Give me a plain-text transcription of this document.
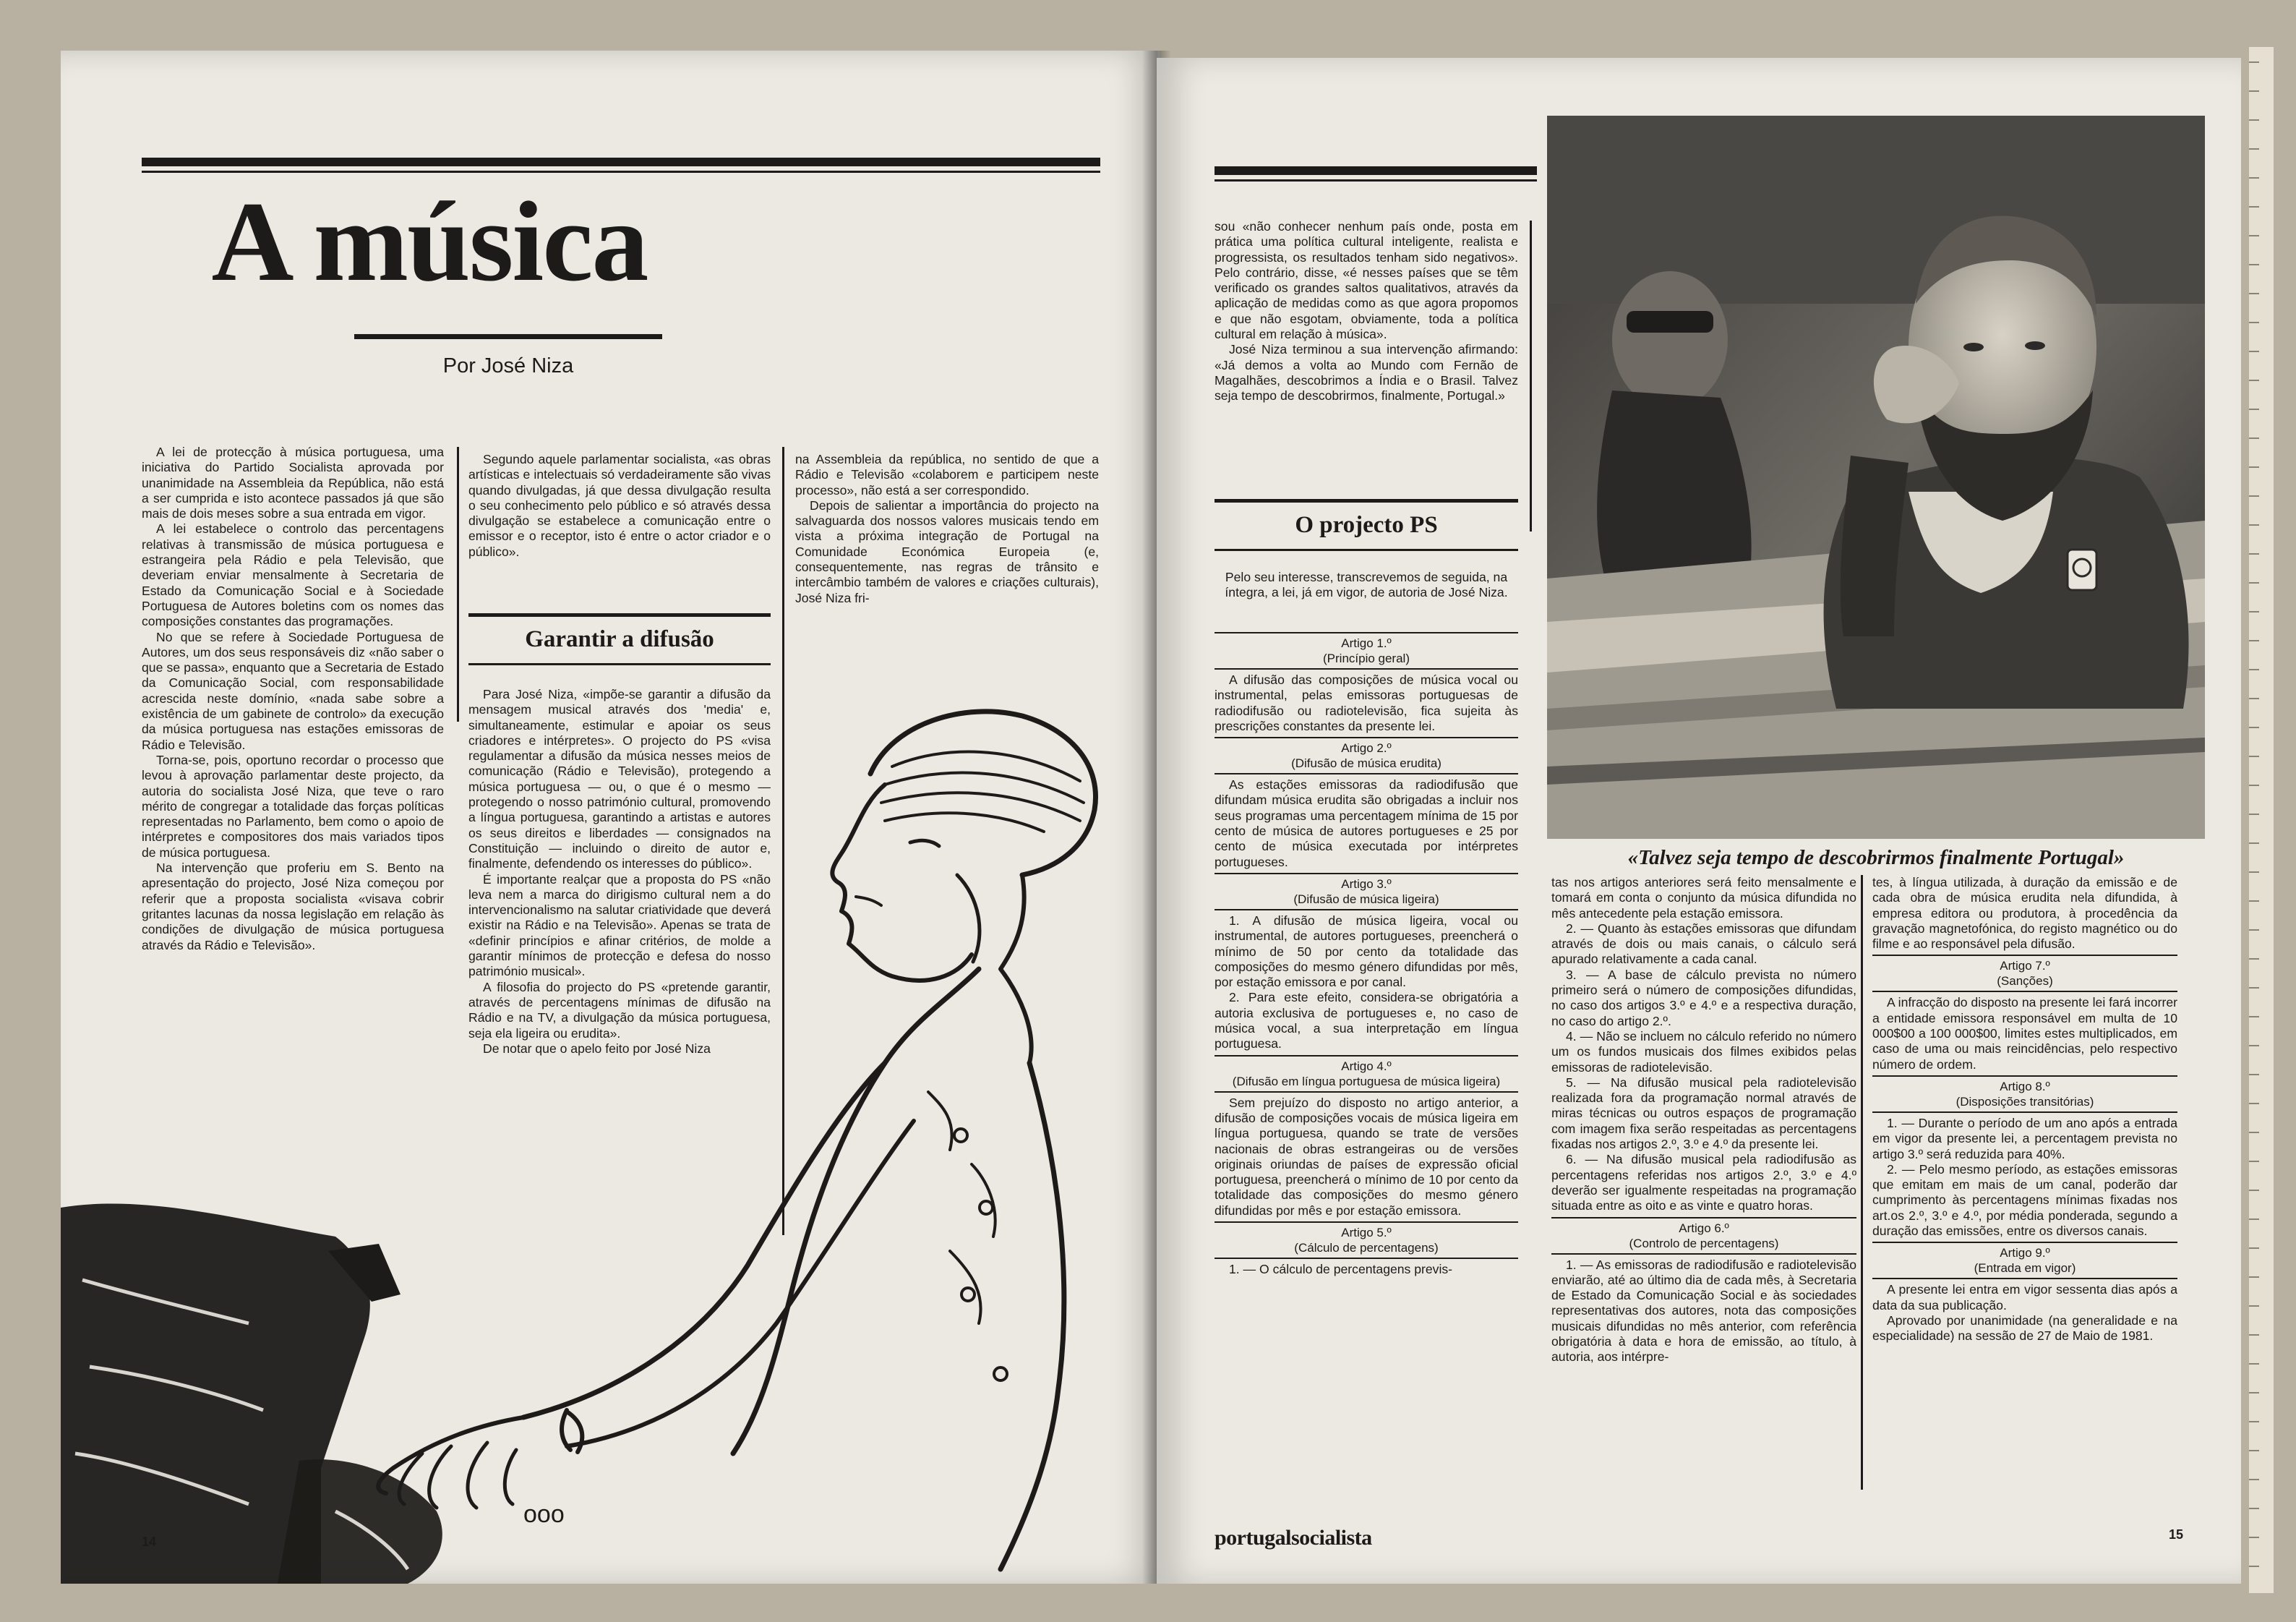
A música
Por José Niza

A lei de protecção à música portuguesa, uma iniciativa do Partido Socialista aprovada por unanimidade na Assembleia da República, não está a ser cumprida e isto acontece passados já que são mais de dois meses sobre a sua entrada em vigor.

A lei estabelece o controlo das percentagens relativas à transmissão de música portuguesa e estrangeira pela Rádio e pela Televisão, que deveriam enviar mensalmente à Secretaria de Estado da Comunicação Social e à Sociedade Portuguesa de Autores boletins com os nomes das composições constantes das programações.

No que se refere à Sociedade Portuguesa de Autores, um dos seus responsáveis diz «não saber o que se passa», enquanto que a Secretaria de Estado da Comunicação Social, com responsabilidade acrescida neste domínio, «nada sabe sobre a existência de um gabinete de controlo» da execução da música portuguesa nas estações emissoras de Rádio e Televisão.

Torna-se, pois, oportuno recordar o processo que levou à aprovação parlamentar deste projecto, da autoria do socialista José Niza, que teve o raro mérito de congregar a totalidade das forças políticas representadas no Parlamento, bem como o apoio de intérpretes e compositores dos mais variados tipos de música portuguesa.

Na intervenção que proferiu em S. Bento na apresentação do projecto, José Niza começou por referir que a proposta socialista «visava cobrir gritantes lacunas da nossa legislação em relação às condições de divulgação de música portuguesa através da Rádio e Televisão».

Segundo aquele parlamentar socialista, «as obras artísticas e intelectuais só verdadeiramente são vivas quando divulgadas, já que dessa divulgação resulta o seu conhecimento pelo público e só através dessa divulgação se estabelece a comunicação entre o emissor e o receptor, isto é entre o actor criador e o público».

Garantir a difusão

Para José Niza, «impõe-se garantir a difusão da mensagem musical através dos 'media' e, simultaneamente, estimular e apoiar os seus criadores e intérpretes». O projecto do PS «visa regulamentar a difusão da música nesses meios de comunicação (Rádio e Televisão), protegendo a música portuguesa — ou, o que é o mesmo — protegendo o nosso património cultural, promovendo a língua portuguesa, garantindo a artistas e autores os seus direitos e liberdades — consignados na Constituição — incluindo o direito de autor e, finalmente, defendendo os interesses do público».

É importante realçar que a proposta do PS «não leva nem a marca do dirigismo cultural nem a do intervencionalismo na salutar criatividade que deverá existir na Rádio e na Televisão». Apenas se trata de «definir princípios e afinar critérios, de molde a garantir mínimos de protecção e defesa do nosso património musical».

A filosofia do projecto do PS «pretende garantir, através de percentagens mínimas de difusão na Rádio e na TV, a divulgação da música portuguesa, seja ela ligeira ou erudita».

De notar que o apelo feito por José Niza

na Assembleia da república, no sentido de que a Rádio e Televisão «colaborem e participem neste processo», não está a ser correspondido.

Depois de salientar a importância do projecto na salvaguarda dos nossos valores musicais tendo em vista a próxima integração de Portugal na Comunidade Económica Europeia (e, consequentemente, nas regras de trânsito e intercâmbio também de valores e criações culturais), José Niza fri-

ooo
14

sou «não conhecer nenhum país onde, posta em prática uma política cultural inteligente, realista e progressista, os resultados tenham sido negativos». Pelo contrário, disse, «é nesses países que se têm verificado os grandes saltos qualitativos, através da aplicação de medidas como as que agora propomos e que não esgotam, obviamente, toda a política cultural em relação à música».

José Niza terminou a sua intervenção afirmando: «Já demos a volta ao Mundo com Fernão de Magalhães, descobrimos a Índia e o Brasil. Talvez seja tempo de descobrirmos, finalmente, Portugal.»

O projecto PS

Pelo seu interesse, transcrevemos de seguida, na íntegra, a lei, já em vigor, de autoria de José Niza.

Artigo 1.º
(Princípio geral)

A difusão das composições de música vocal ou instrumental, pelas emissoras portuguesas de radiodifusão ou radiotelevisão, fica sujeita às prescrições constantes da presente lei.

Artigo 2.º
(Difusão de música erudita)

As estações emissoras da radiodifusão que difundam música erudita são obrigadas a incluir nos seus programas uma percentagem mínima de 15 por cento de música de autores portugueses e 25 por cento de música executada por intérpretes portugueses.

Artigo 3.º
(Difusão de música ligeira)

1. A difusão de música ligeira, vocal ou instrumental, de autores portugueses, preencherá o mínimo de 50 por cento da totalidade das composições do mesmo género difundidas por mês, por estação emissora e por canal.

2. Para este efeito, considera-se obrigatória a autoria exclusiva de portugueses e, no caso de música vocal, a sua interpretação em língua portuguesa.

Artigo 4.º
(Difusão em língua portuguesa de música ligeira)

Sem prejuízo do disposto no artigo anterior, a difusão de composições vocais de música ligeira em língua portuguesa, quando se trate de versões nacionais de obras estrangeiras ou de versões originais oriundas de países de expressão oficial portuguesa, preencherá o mínimo de 10 por cento da totalidade das composições do mesmo género difundidas por mês e por estação emissora.

Artigo 5.º
(Cálculo de percentagens)

1. — O cálculo de percentagens previs-

«Talvez seja tempo de descobrirmos finalmente Portugal»

tas nos artigos anteriores será feito mensalmente e tomará em conta o conjunto da música difundida no mês antecedente pela estação emissora.

2. — Quanto às estações emissoras que difundam através de dois ou mais canais, o cálculo será apurado relativamente a cada canal.

3. — A base de cálculo prevista no número primeiro será o número de composições difundidas, no caso dos artigos 3.º e 4.º e a respectiva duração, no caso do artigo 2.º.

4. — Não se incluem no cálculo referido no número um os fundos musicais dos filmes exibidos pelas emissoras de radiotelevisão.

5. — Na difusão musical pela radiotelevisão realizada fora da programação normal através de miras técnicas ou outros espaços de programação com imagem fixa serão respeitadas as percentagens fixadas nos artigos 2.º, 3.º e 4.º da presente lei.

6. — Na difusão musical pela radiodifusão as percentagens referidas nos artigos 2.º, 3.º e 4.º deverão ser igualmente respeitadas na programação situada entre as oito e as vinte e quatro horas.

Artigo 6.º
(Controlo de percentagens)

1. — As emissoras de radiodifusão e radiotelevisão enviarão, até ao último dia de cada mês, à Secretaria de Estado da Comunicação Social e às sociedades representativas dos autores, nota das composições musicais difundidas no mês anterior, com referência obrigatória à data e hora de emissão, ao título, à autoria, aos intérpre-

tes, à língua utilizada, à duração da emissão e de cada obra de música erudita nela difundida, à empresa editora ou produtora, à procedência da gravação magnetofónica, do registo magnético ou do filme e ao responsável pela difusão.

Artigo 7.º
(Sanções)

A infracção do disposto na presente lei fará incorrer a entidade emissora responsável em multa de 10 000$00 a 100 000$00, limites estes multiplicados, em caso de uma ou mais reincidências, pelo respectivo número de ordem.

Artigo 8.º
(Disposições transitórias)

1. — Durante o período de um ano após a entrada em vigor da presente lei, a percentagem prevista no artigo 3.º será reduzida para 40%.

2. — Pelo mesmo período, as estações emissoras que emitam em mais de um canal, poderão dar cumprimento às percentagens mínimas fixadas nos art.os 2.º, 3.º e 4.º, por média ponderada, segundo a duração das emissões, entre os diversos canais.

Artigo 9.º
(Entrada em vigor)

A presente lei entra em vigor sessenta dias após a data da sua publicação.

Aprovado por unanimidade (na generalidade e na especialidade) na sessão de 27 de Maio de 1981.

portugalsocialista	15
